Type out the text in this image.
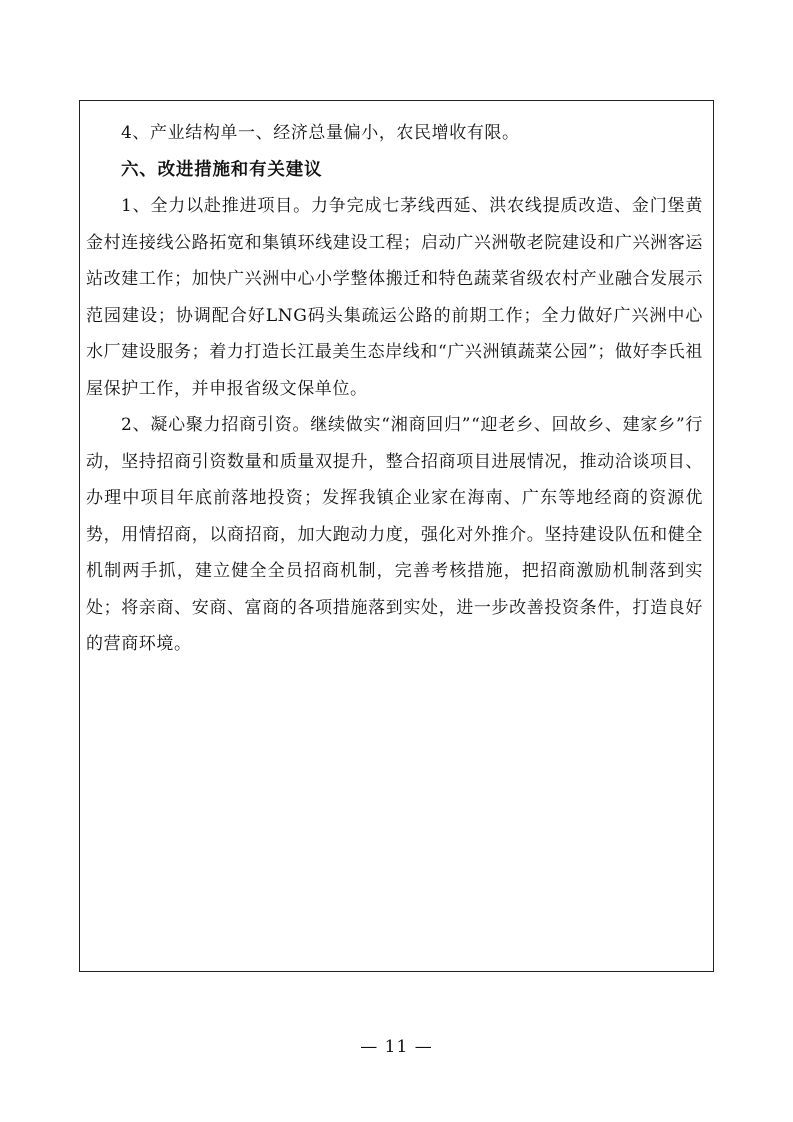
4、产业结构单一、经济总量偏小，农民增收有限。

六、改进措施和有关建议

1、全力以赴推进项目。力争完成七茅线西延、洪农线提质改造、金门堡黄金村连接线公路拓宽和集镇环线建设工程；启动广兴洲敬老院建设和广兴洲客运站改建工作；加快广兴洲中心小学整体搬迁和特色蔬菜省级农村产业融合发展示范园建设；协调配合好LNG码头集疏运公路的前期工作；全力做好广兴洲中心水厂建设服务；着力打造长江最美生态岸线和“广兴洲镇蔬菜公园”；做好李氏祖屋保护工作，并申报省级文保单位。

2、凝心聚力招商引资。继续做实“湘商回归”“迎老乡、回故乡、建家乡”行动，坚持招商引资数量和质量双提升，整合招商项目进展情况，推动洽谈项目、办理中项目年底前落地投资；发挥我镇企业家在海南、广东等地经商的资源优势，用情招商，以商招商，加大跑动力度，强化对外推介。坚持建设队伍和健全机制两手抓，建立健全全员招商机制，完善考核措施，把招商激励机制落到实处；将亲商、安商、富商的各项措施落到实处，进一步改善投资条件，打造良好的营商环境。

— 11 —
